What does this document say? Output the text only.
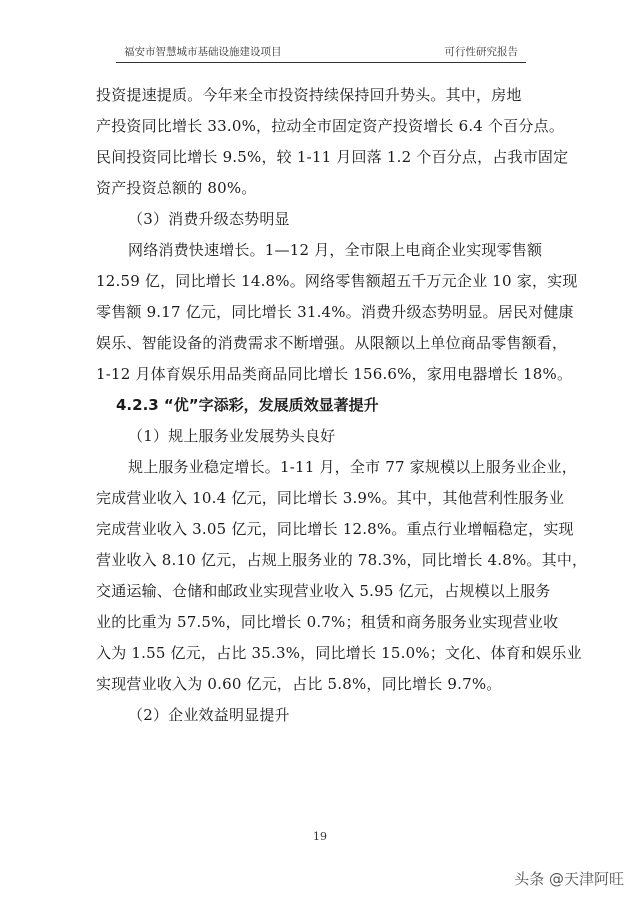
福安市智慧城市基础设施建设项目	可行性研究报告
投资提速提质。今年来全市投资持续保持回升势头。其中，房地
产投资同比增长 33.0%，拉动全市固定资产投资增长 6.4 个百分点。
民间投资同比增长 9.5%，较 1-11 月回落 1.2 个百分点，占我市固定
资产投资总额的 80%。
（3）消费升级态势明显
网络消费快速增长。1—12 月，全市限上电商企业实现零售额
12.59 亿，同比增长 14.8%。网络零售额超五千万元企业 10 家，实现
零售额 9.17 亿元，同比增长 31.4%。消费升级态势明显。居民对健康
娱乐、智能设备的消费需求不断增强。从限额以上单位商品零售额看，
1-12 月体育娱乐用品类商品同比增长 156.6%，家用电器增长 18%。
4.2.3 “优”字添彩，发展质效显著提升
（1）规上服务业发展势头良好
规上服务业稳定增长。1-11 月，全市 77 家规模以上服务业企业，
完成营业收入 10.4 亿元，同比增长 3.9%。其中，其他营利性服务业
完成营业收入 3.05 亿元，同比增长 12.8%。重点行业增幅稳定，实现
营业收入 8.10 亿元，占规上服务业的 78.3%，同比增长 4.8%。其中，
交通运输、仓储和邮政业实现营业收入 5.95 亿元，占规模以上服务
业的比重为 57.5%，同比增长 0.7%；租赁和商务服务业实现营业收
入为 1.55 亿元，占比 35.3%，同比增长 15.0%；文化、体育和娱乐业
实现营业收入为 0.60 亿元，占比 5.8%，同比增长 9.7%。
（2）企业效益明显提升
19
头条 @天津阿旺
